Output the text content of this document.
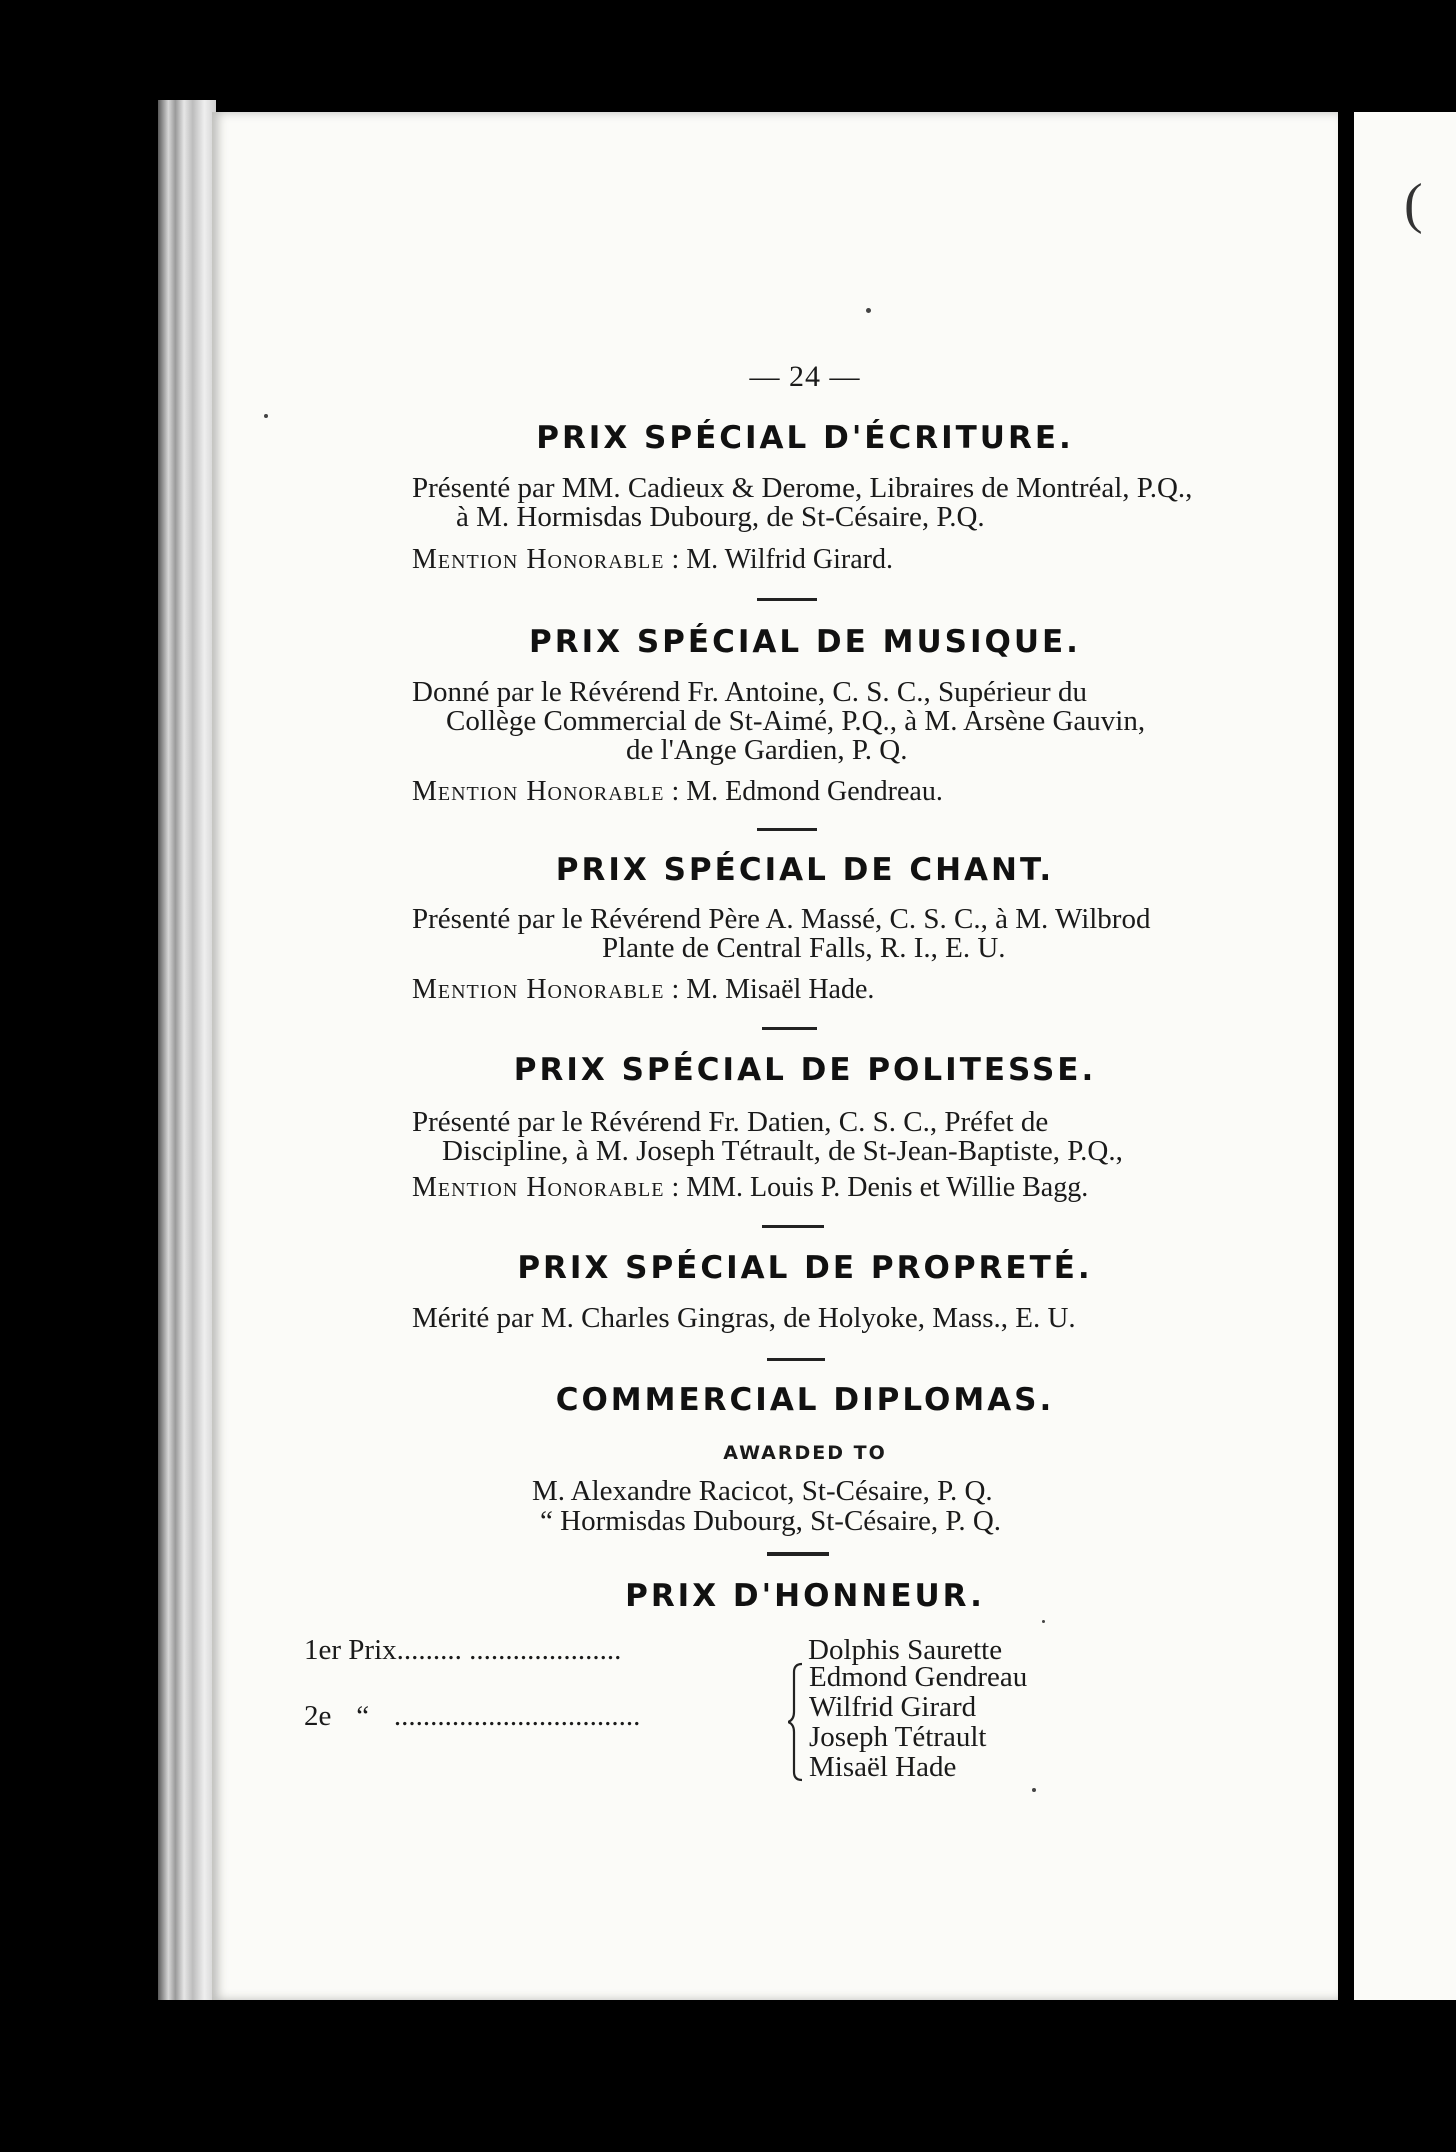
(
— 24 —
PRIX SPÉCIAL D'ÉCRITURE.
Présenté par MM. Cadieux & Derome, Libraires de Montréal, P.Q.,
à M. Hormisdas Dubourg, de St-Césaire, P.Q.
Mention Honorable : M. Wilfrid Girard.
PRIX SPÉCIAL DE MUSIQUE.
Donné par le Révérend Fr. Antoine, C. S. C., Supérieur du
Collège Commercial de St-Aimé, P.Q., à M. Arsène Gauvin,
de l'Ange Gardien, P. Q.
Mention Honorable : M. Edmond Gendreau.
PRIX SPÉCIAL DE CHANT.
Présenté par le Révérend Père A. Massé, C. S. C., à M. Wilbrod
Plante de Central Falls, R. I., E. U.
Mention Honorable : M. Misaël Hade.
PRIX SPÉCIAL DE POLITESSE.
Présenté par le Révérend Fr. Datien, C. S. C., Préfet de
Discipline, à M. Joseph Tétrault, de St-Jean-Baptiste, P.Q.,
Mention Honorable : MM. Louis P. Denis et Willie Bagg.
PRIX SPÉCIAL DE PROPRETÉ.
Mérité par M. Charles Gingras, de Holyoke, Mass., E. U.
COMMERCIAL DIPLOMAS.
AWARDED TO
M. Alexandre Racicot, St-Césaire, P. Q.
“ Hormisdas Dubourg, St-Césaire, P. Q.
PRIX D'HONNEUR.
1er Prix......... .....................	Dolphis Saurette
2e “ ..................................
Edmond Gendreau
Wilfrid Girard
Joseph Tétrault
Misaël Hade
